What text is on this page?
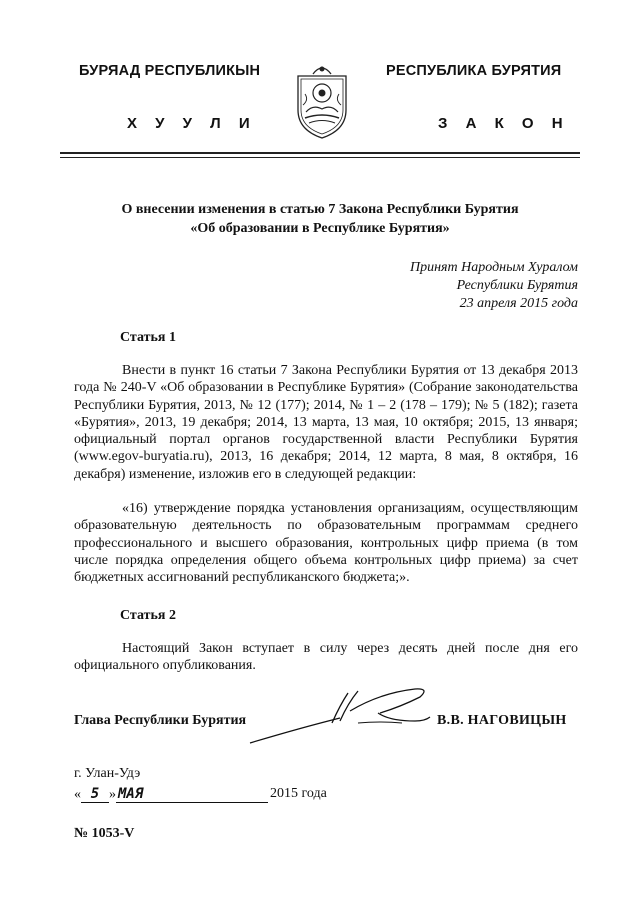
БУРЯАД РЕСПУБЛИКЫН
Х У У Л И
РЕСПУБЛИКА БУРЯТИЯ
З А К О Н
О внесении изменения в статью 7 Закона Республики Бурятия
«Об образовании в Республике Бурятия»
Принят Народным Хуралом
Республики Бурятия
23 апреля 2015 года
Статья 1
Внести в пункт 16 статьи 7 Закона Республики Бурятия от 13 декабря 2013 года № 240-V «Об образовании в Республике Бурятия» (Собрание законодательства Республики Бурятия, 2013, № 12 (177); 2014, № 1 – 2 (178 – 179); № 5 (182); газета «Бурятия», 2013, 19 декабря; 2014, 13 марта, 13 мая, 10 октября; 2015, 13 января; официальный портал органов государственной власти Республики Бурятия (www.egov-buryatia.ru), 2013, 16 декабря; 2014, 12 марта, 8 мая, 8 октября, 16 декабря) изменение, изложив его в следующей редакции:
«16) утверждение порядка установления организациям, осуществляющим образовательную деятельность по образовательным программам среднего профессионального и высшего образования, контрольных цифр приема (в том числе порядка определения общего объема контрольных цифр приема) за счет бюджетных ассигнований республиканского бюджета;».
Статья 2
Настоящий Закон вступает в силу через десять дней после дня его официального опубликования.
Глава Республики Бурятия	В.В. НАГОВИЦЫН
г. Улан-Удэ
« 5 » МАЯ	2015 года
№ 1053-V
